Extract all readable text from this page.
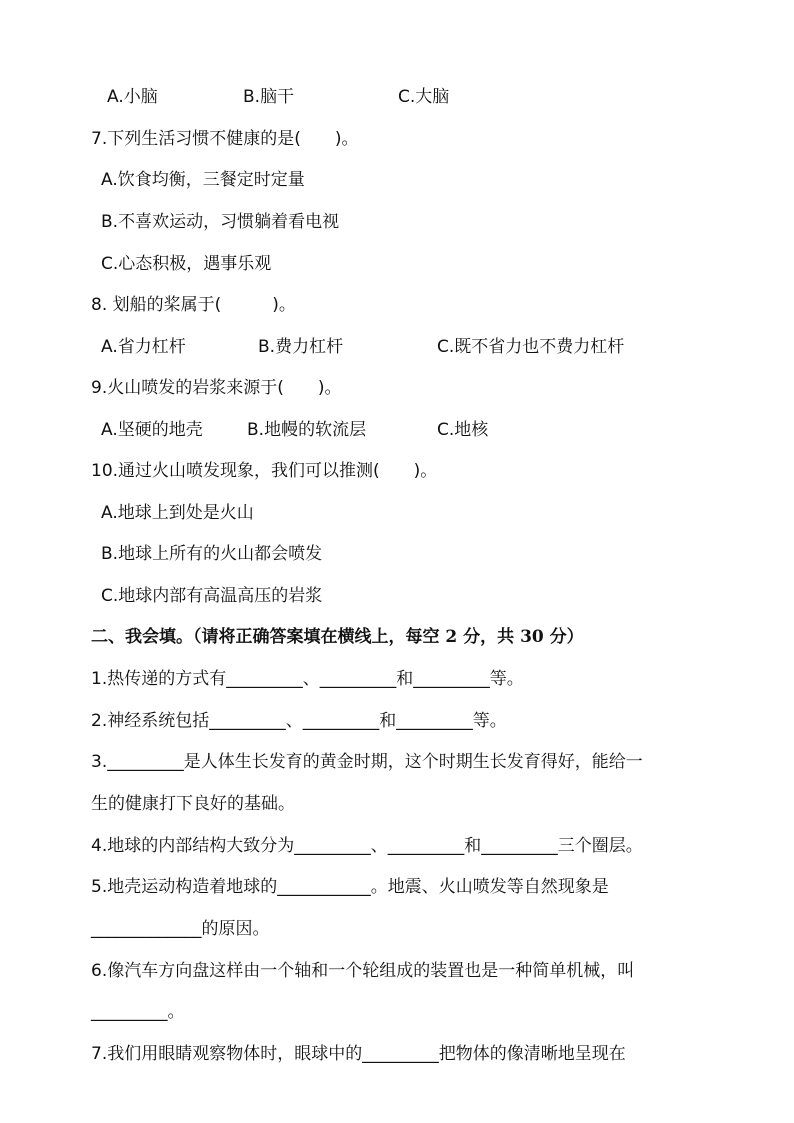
A.小脑	B.脑干	C.大脑
7.下列生活习惯不健康的是(　　)。
A.饮食均衡，三餐定时定量
B.不喜欢运动，习惯躺着看电视
C.心态积极，遇事乐观
8. 划船的桨属于(　　　)。
A.省力杠杆	B.费力杠杆	C.既不省力也不费力杠杆
9.火山喷发的岩浆来源于(　　)。
A.坚硬的地壳	B.地幔的软流层	C.地核
10.通过火山喷发现象，我们可以推测(　　)。
A.地球上到处是火山
B.地球上所有的火山都会喷发
C.地球内部有高温高压的岩浆
二、我会填。（请将正确答案填在横线上，每空 2 分，共 30 分）
1.热传递的方式有_________、_________和_________等。
2.神经系统包括_________、_________和_________等。
3._________是人体生长发育的黄金时期，这个时期生长发育得好，能给一
生的健康打下良好的基础。
4.地球的内部结构大致分为_________、_________和_________三个圈层。
5.地壳运动构造着地球的___________。地震、火山喷发等自然现象是
_____________的原因。
6.像汽车方向盘这样由一个轴和一个轮组成的装置也是一种简单机械，叫
_________。
7.我们用眼睛观察物体时，眼球中的_________把物体的像清晰地呈现在
